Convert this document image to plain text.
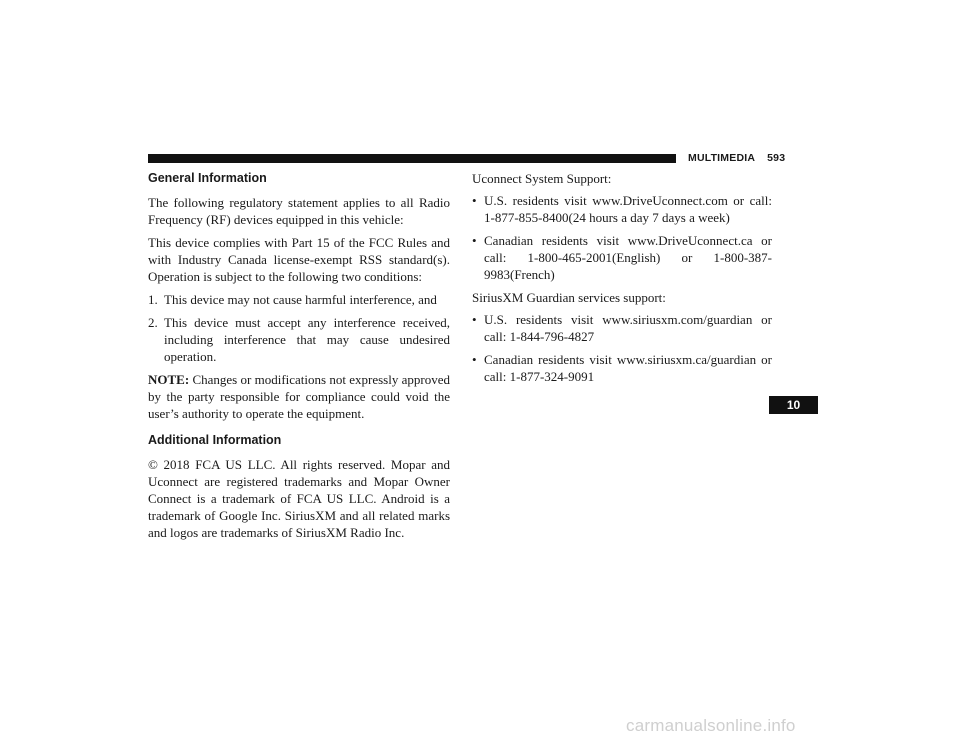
MULTIMEDIA 593
10
General Information

The following regulatory statement applies to all Radio Frequency (RF) devices equipped in this vehicle:

This device complies with Part 15 of the FCC Rules and with Industry Canada license-exempt RSS standard(s). Operation is subject to the following two conditions:

1. This device may not cause harmful interference, and
2. This device must accept any interference received, including interference that may cause undesired operation.

NOTE: Changes or modifications not expressly approved by the party responsible for compliance could void the user’s authority to operate the equipment.

Additional Information

© 2018 FCA US LLC. All rights reserved. Mopar and Uconnect are registered trademarks and Mopar Owner Connect is a trademark of FCA US LLC. Android is a trademark of Google Inc. SiriusXM and all related marks and logos are trademarks of SiriusXM Radio Inc.

Uconnect System Support:

• U.S. residents visit www.DriveUconnect.com or call: 1-877-855-8400(24 hours a day 7 days a week)
• Canadian residents visit www.DriveUconnect.ca or call: 1-800-465-2001(English) or 1-800-387-9983(French)

SiriusXM Guardian services support:

• U.S. residents visit www.siriusxm.com/guardian or call: 1-844-796-4827
• Canadian residents visit www.siriusxm.ca/guardian or call: 1-877-324-9091
carmanualsonline.info
